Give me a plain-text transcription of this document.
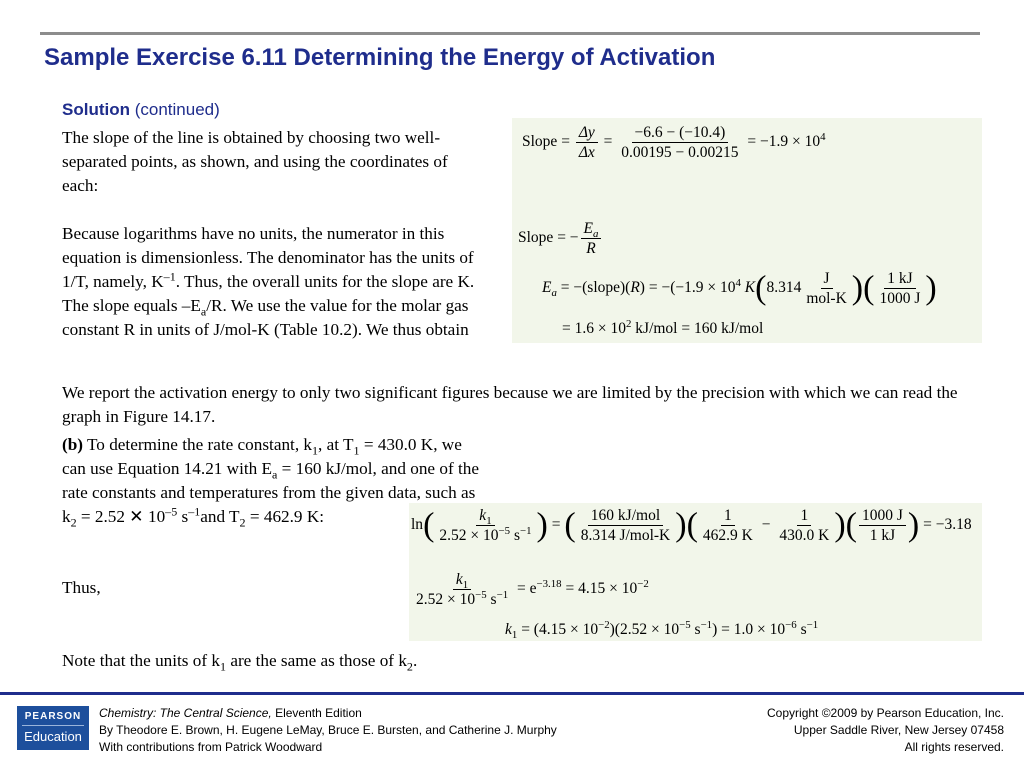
Sample Exercise 6.11 Determining the Energy of Activation
Solution (continued)

The slope of the line is obtained by choosing two well-separated points, as shown, and using the coordinates of each:

Because logarithms have no units, the numerator in this equation is dimensionless. The denominator has the units of 1/T, namely, $K^{-1}$. Thus, the overall units for the slope are K. The slope equals $-E_a/R$. We use the value for the molar gas constant R in units of J/mol-K (Table 10.2). We thus obtain

We report the activation energy to only two significant figures because we are limited by the precision with which we can read the graph in Figure 14.17.

(b) To determine the rate constant, $k_1$, at $T_1 = 430.0$ K, we can use Equation 14.21 with $E_a = 160$ kJ/mol, and one of the rate constants and temperatures from the given data, such as
$k_2 = 2.52$ ✕ $10^{-5}$ $s^{-1}and$ $T_2 = 462.9$ K:

Thus,

Note that the units of $k_1$ are the same as those of $k_2$.

Slope = $\frac{\Delta y}{\Delta x} = \frac{-6.6 - (-10.4)}{0.00195 - 0.00215} = -1.9 \times 10^4$
Slope = − $\frac{E_a}{R}$
$E_a$ = −(slope)(R) = $-(-1.9 \times 10^4$ $K(8.314 \frac{J}{\text{mol-K}}$ )( $\frac{1 kJ}{1000 J}$ )
= $1.6 \times 10^2$ kJ/mol = 160 kJ/mol
$\ln( \frac{k_1}{2.52 \times 10^{-5} s^{-1}}$ ) = ( $\frac{\text{160 kJ/mol}}{\text{8.314 J/mol-K}}$ )( $\frac{1}{462.9 K} - \frac{1}{430.0 K}$ )( $\frac{1000 J}{1 kJ}$ ) = −3.18
$\frac{k_1}{2.52 \times 10^{-5} s^{-1}} = e^{-3.18} = 4.15 \times 10^{-2}$
$k_1 = (4.15 \times 10^{-2})(2.52 \times 10^{-5}$ $s^{-1}) = 1.0 \times 10^{-6}$ $s^{-1}$
PEARSON
Education
Chemistry: The Central Science, Eleventh Edition
By Theodore E. Brown, H. Eugene LeMay, Bruce E. Bursten, and Catherine J. Murphy
With contributions from Patrick Woodward
Copyright ©2009 by Pearson Education, Inc.
Upper Saddle River, New Jersey 07458
All rights reserved.
